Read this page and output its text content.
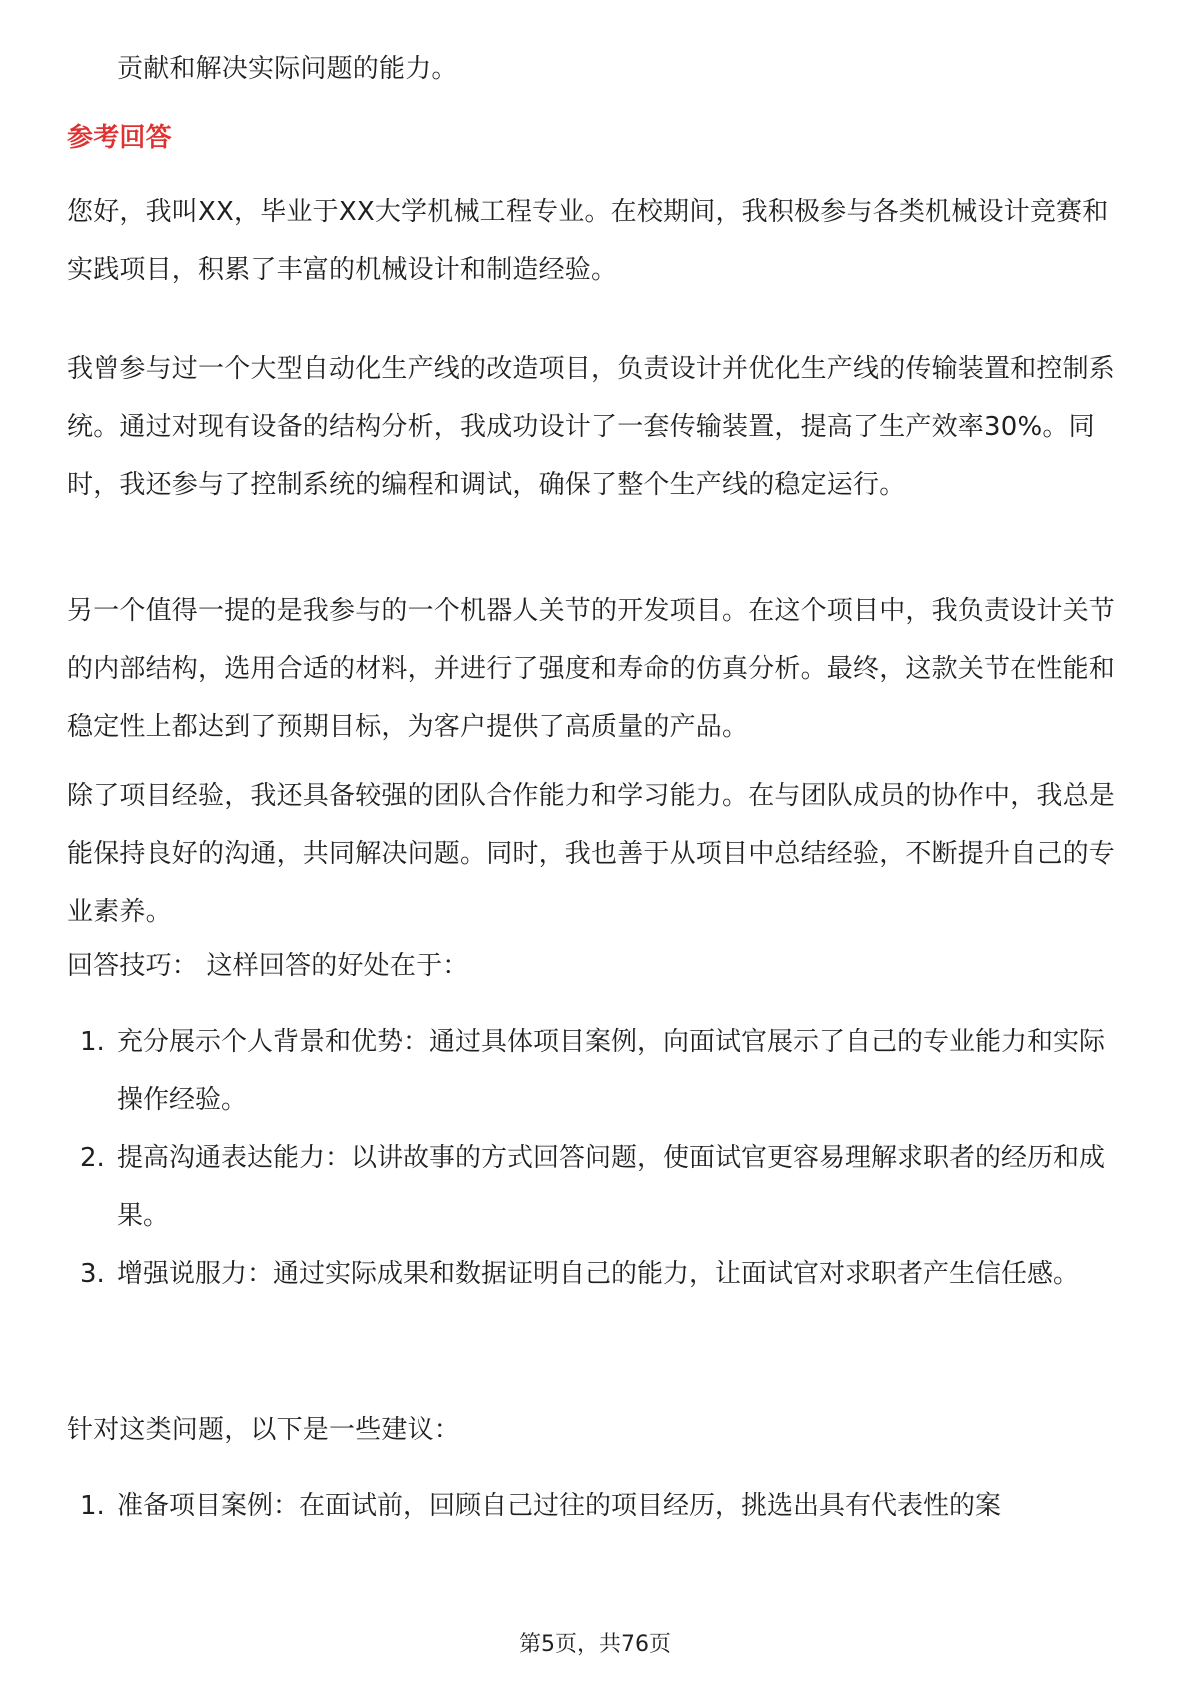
贡献和解决实际问题的能力。
参考回答
您好，我叫XX，毕业于XX大学机械工程专业。在校期间，我积极参与各类机械设计竞赛和实践项目，积累了丰富的机械设计和制造经验。
我曾参与过一个大型自动化生产线的改造项目，负责设计并优化生产线的传输装置和控制系统。通过对现有设备的结构分析，我成功设计了一套传输装置，提高了生产效率30%。同时，我还参与了控制系统的编程和调试，确保了整个生产线的稳定运行。
另一个值得一提的是我参与的一个机器人关节的开发项目。在这个项目中，我负责设计关节的内部结构，选用合适的材料，并进行了强度和寿命的仿真分析。最终，这款关节在性能和稳定性上都达到了预期目标，为客户提供了高质量的产品。
除了项目经验，我还具备较强的团队合作能力和学习能力。在与团队成员的协作中，我总是能保持良好的沟通，共同解决问题。同时，我也善于从项目中总结经验，不断提升自己的专业素养。
回答技巧： 这样回答的好处在于：
1. 充分展示个人背景和优势：通过具体项目案例，向面试官展示了自己的专业能力和实际操作经验。
2. 提高沟通表达能力：以讲故事的方式回答问题，使面试官更容易理解求职者的经历和成果。
3. 增强说服力：通过实际成果和数据证明自己的能力，让面试官对求职者产生信任感。
针对这类问题，以下是一些建议：
1. 准备项目案例：在面试前，回顾自己过往的项目经历，挑选出具有代表性的案
第5页，共76页
